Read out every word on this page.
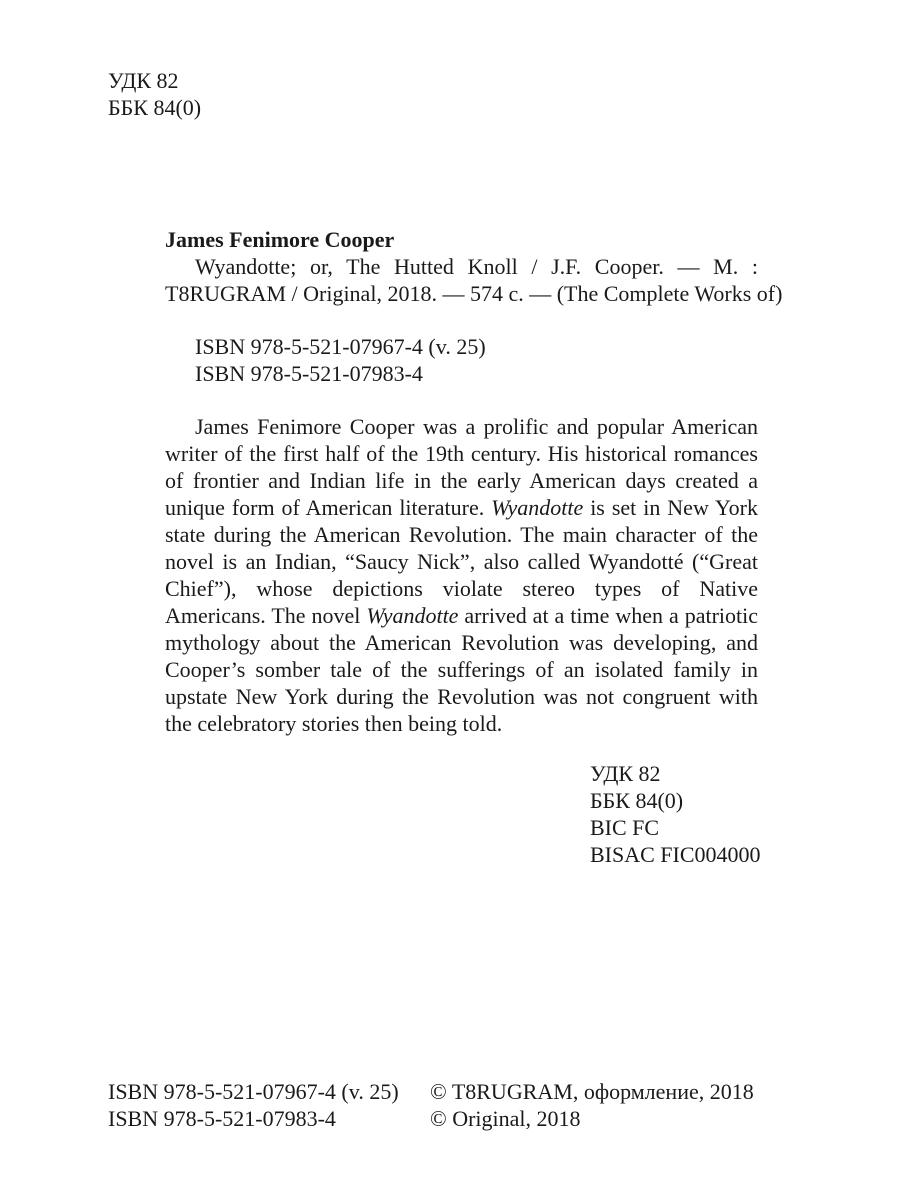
УДК 82
ББК 84(0)
James Fenimore Cooper
Wyandotte; or, The Hutted Knoll / J.F. Cooper. — M. :
T8RUGRAM / Original, 2018. — 574 с. — (The Complete Works of)
ISBN 978-5-521-07967-4 (v. 25)
ISBN 978-5-521-07983-4

James Fenimore Cooper was a prolific and popular American writer of the first half of the 19th century. His historical romances of frontier and Indian life in the early American days created a unique form of American literature. Wyandotte is set in New York state during the American Revolution. The main character of the novel is an Indian, “Saucy Nick”, also called Wyandotté (“Great Chief”), whose depictions violate stereo types of Native Americans. The novel Wyandotte arrived at a time when a patriotic mythology about the American Revolution was developing, and Cooper’s somber tale of the sufferings of an isolated family in upstate New York during the Revolution was not congruent with the celebratory stories then being told.

УДК 82
ББК 84(0)
BIC FC
BISAC FIC004000
ISBN 978-5-521-07967-4 (v. 25)
ISBN 978-5-521-07983-4
© T8RUGRAM, оформление, 2018
© Original, 2018
